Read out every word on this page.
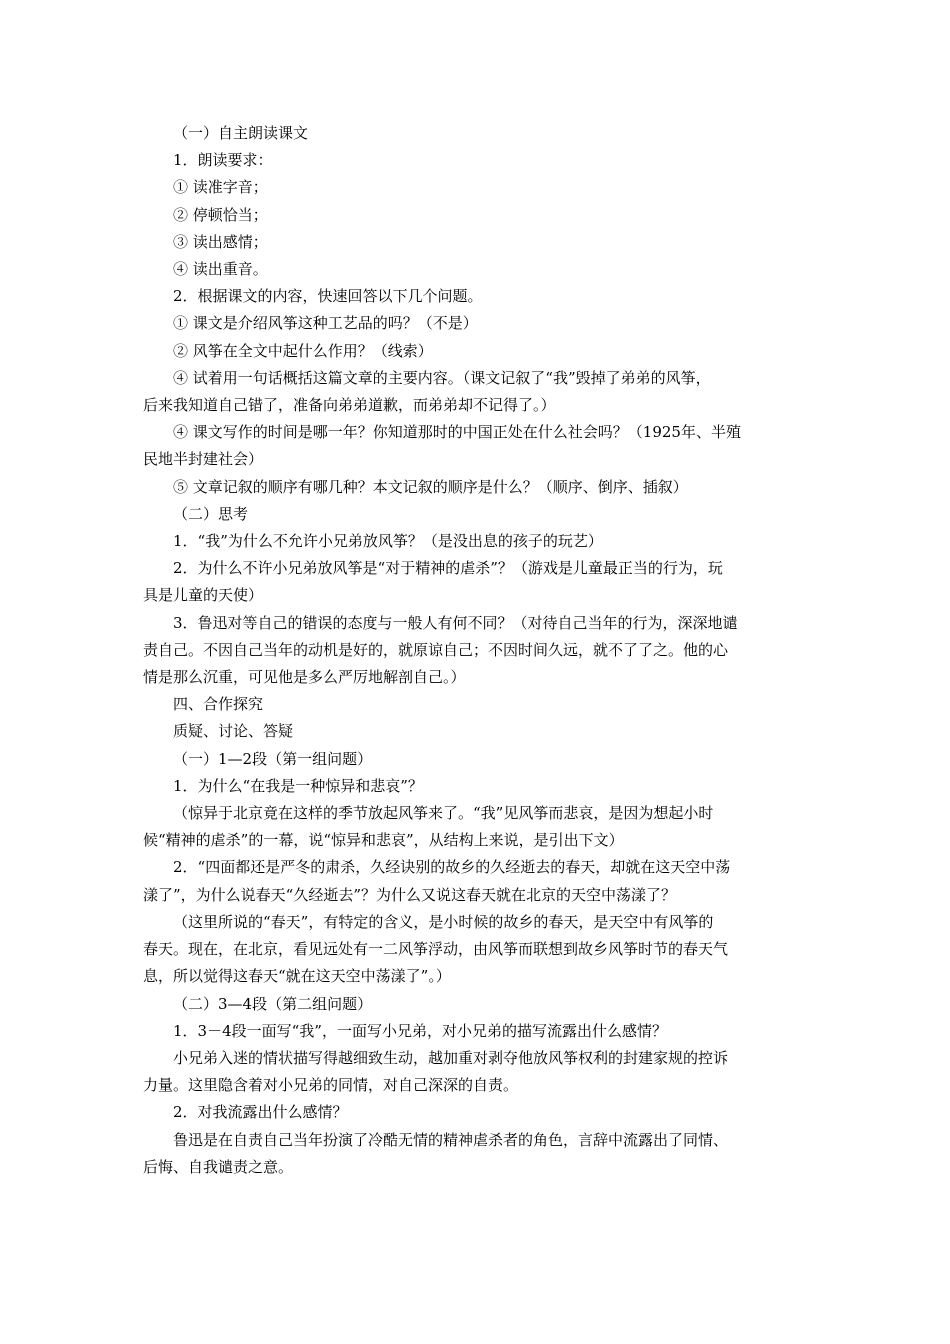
（一）自主朗读课文

1．朗读要求：

① 读准字音；

② 停顿恰当；

③ 读出感情；

④ 读出重音。

2．根据课文的内容，快速回答以下几个问题。

① 课文是介绍风筝这种工艺品的吗？（不是）

② 风筝在全文中起什么作用？（线索）

④ 试着用一句话概括这篇文章的主要内容。（课文记叙了“我”毁掉了弟弟的风筝，

后来我知道自己错了，准备向弟弟道歉，而弟弟却不记得了。）

④ 课文写作的时间是哪一年？你知道那时的中国正处在什么社会吗？（1925年、半殖

民地半封建社会）

⑤ 文章记叙的顺序有哪几种？本文记叙的顺序是什么？（顺序、倒序、插叙）

（二）思考

1．“我”为什么不允许小兄弟放风筝？（是没出息的孩子的玩艺）

2．为什么不许小兄弟放风筝是“对于精神的虐杀”？（游戏是儿童最正当的行为，玩

具是儿童的天使）

3．鲁迅对等自己的错误的态度与一般人有何不同？（对待自己当年的行为，深深地谴

责自己。不因自己当年的动机是好的，就原谅自己；不因时间久远，就不了了之。他的心

情是那么沉重，可见他是多么严厉地解剖自己。）

四、合作探究

质疑、讨论、答疑

（一）1—2段（第一组问题）

1．为什么“在我是一种惊异和悲哀”？

（惊异于北京竟在这样的季节放起风筝来了。“我”见风筝而悲哀，是因为想起小时

候“精神的虐杀”的一幕，说“惊异和悲哀”，从结构上来说，是引出下文）

2．“四面都还是严冬的肃杀，久经诀别的故乡的久经逝去的春天，却就在这天空中荡

漾了”，为什么说春天“久经逝去”？为什么又说这春天就在北京的天空中荡漾了？

（这里所说的“春天”，有特定的含义，是小时候的故乡的春天，是天空中有风筝的

春天。现在，在北京，看见远处有一二风筝浮动，由风筝而联想到故乡风筝时节的春天气

息，所以觉得这春天“就在这天空中荡漾了”。）

（二）3—4段（第二组问题）

1．3－4段一面写“我”，一面写小兄弟，对小兄弟的描写流露出什么感情？

小兄弟入迷的情状描写得越细致生动，越加重对剥夺他放风筝权利的封建家规的控诉

力量。这里隐含着对小兄弟的同情，对自己深深的自责。

2．对我流露出什么感情？

鲁迅是在自责自己当年扮演了冷酷无情的精神虐杀者的角色，言辞中流露出了同情、

后悔、自我谴责之意。
